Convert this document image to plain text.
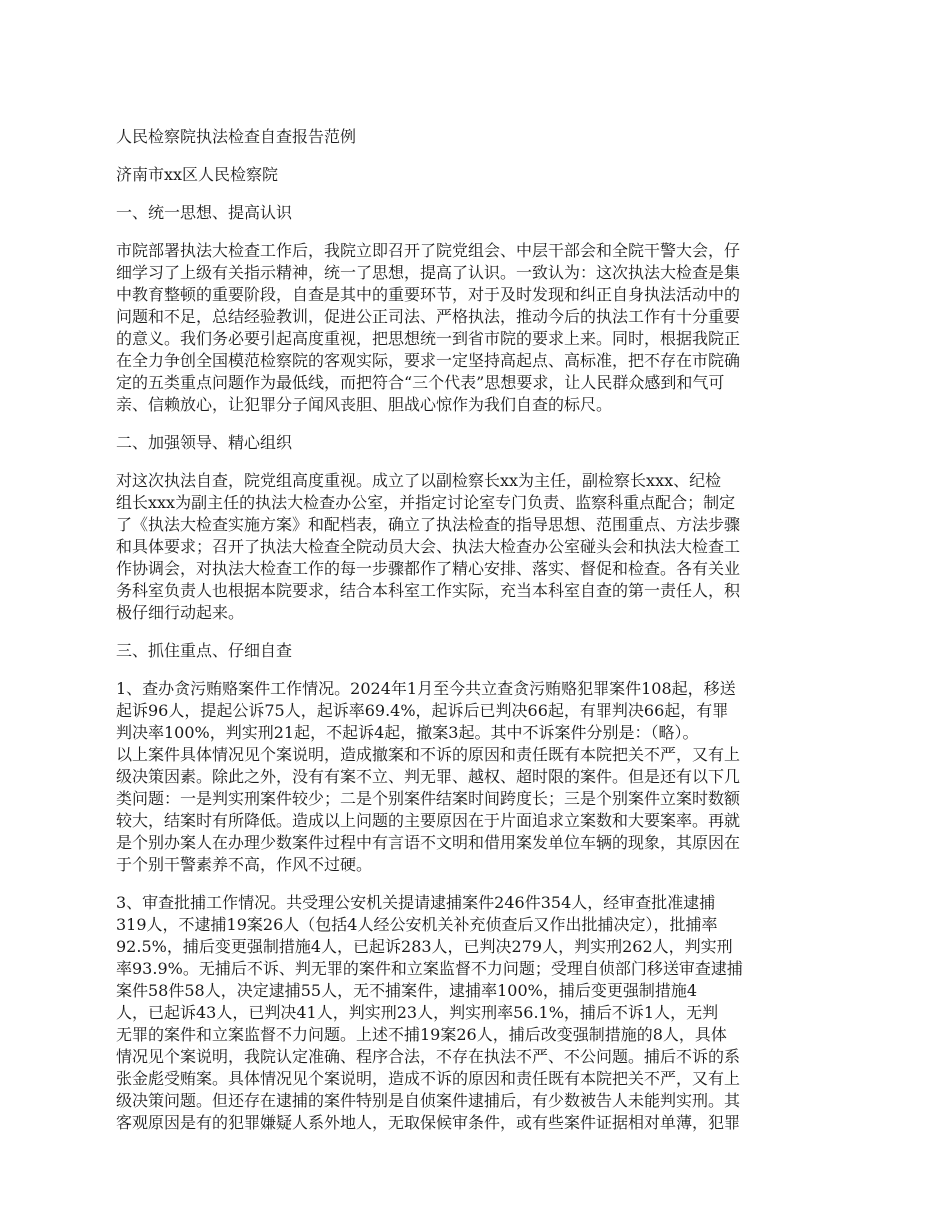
人民检察院执法检查自查报告范例

济南市xx区人民检察院

一、统一思想、提高认识

市院部署执法大检查工作后，我院立即召开了院党组会、中层干部会和全院干警大会，仔

细学习了上级有关指示精神，统一了思想，提高了认识。一致认为：这次执法大检查是集

中教育整顿的重要阶段，自查是其中的重要环节，对于及时发现和纠正自身执法活动中的

问题和不足，总结经验教训，促进公正司法、严格执法，推动今后的执法工作有十分重要

的意义。我们务必要引起高度重视，把思想统一到省市院的要求上来。同时，根据我院正

在全力争创全国模范检察院的客观实际，要求一定坚持高起点、高标准，把不存在市院确

定的五类重点问题作为最低线，而把符合“三个代表”思想要求，让人民群众感到和气可

亲、信赖放心，让犯罪分子闻风丧胆、胆战心惊作为我们自查的标尺。

二、加强领导、精心组织

对这次执法自查，院党组高度重视。成立了以副检察长xx为主任，副检察长xxx、纪检

组长xxx为副主任的执法大检查办公室，并指定讨论室专门负责、监察科重点配合；制定

了《执法大检查实施方案》和配档表，确立了执法检查的指导思想、范围重点、方法步骤

和具体要求；召开了执法大检查全院动员大会、执法大检查办公室碰头会和执法大检查工

作协调会，对执法大检查工作的每一步骤都作了精心安排、落实、督促和检查。各有关业

务科室负责人也根据本院要求，结合本科室工作实际，充当本科室自查的第一责任人，积

极仔细行动起来。

三、抓住重点、仔细自查

1、查办贪污贿赂案件工作情况。2024年1月至今共立查贪污贿赂犯罪案件108起，移送

起诉96人，提起公诉75人，起诉率69.4%，起诉后已判决66起，有罪判决66起，有罪

判决率100%，判实刑21起，不起诉4起，撤案3起。其中不诉案件分别是：（略）。

以上案件具体情况见个案说明，造成撤案和不诉的原因和责任既有本院把关不严，又有上

级决策因素。除此之外，没有有案不立、判无罪、越权、超时限的案件。但是还有以下几

类问题：一是判实刑案件较少；二是个别案件结案时间跨度长；三是个别案件立案时数额

较大，结案时有所降低。造成以上问题的主要原因在于片面追求立案数和大要案率。再就

是个别办案人在办理少数案件过程中有言语不文明和借用案发单位车辆的现象，其原因在

于个别干警素养不高，作风不过硬。

3、审查批捕工作情况。共受理公安机关提请逮捕案件246件354人，经审查批准逮捕

319人，不逮捕19案26人（包括4人经公安机关补充侦查后又作出批捕决定），批捕率

92.5%，捕后变更强制措施4人，已起诉283人，已判决279人，判实刑262人，判实刑

率93.9%。无捕后不诉、判无罪的案件和立案监督不力问题；受理自侦部门移送审查逮捕

案件58件58人，决定逮捕55人，无不捕案件，逮捕率100%，捕后变更强制措施4

人，已起诉43人，已判决41人，判实刑23人，判实刑率56.1%，捕后不诉1人，无判

无罪的案件和立案监督不力问题。上述不捕19案26人，捕后改变强制措施的8人，具体

情况见个案说明，我院认定准确、程序合法，不存在执法不严、不公问题。捕后不诉的系

张金彪受贿案。具体情况见个案说明，造成不诉的原因和责任既有本院把关不严，又有上

级决策问题。但还存在逮捕的案件特别是自侦案件逮捕后，有少数被告人未能判实刑。其

客观原因是有的犯罪嫌疑人系外地人，无取保候审条件，或有些案件证据相对单薄，犯罪
